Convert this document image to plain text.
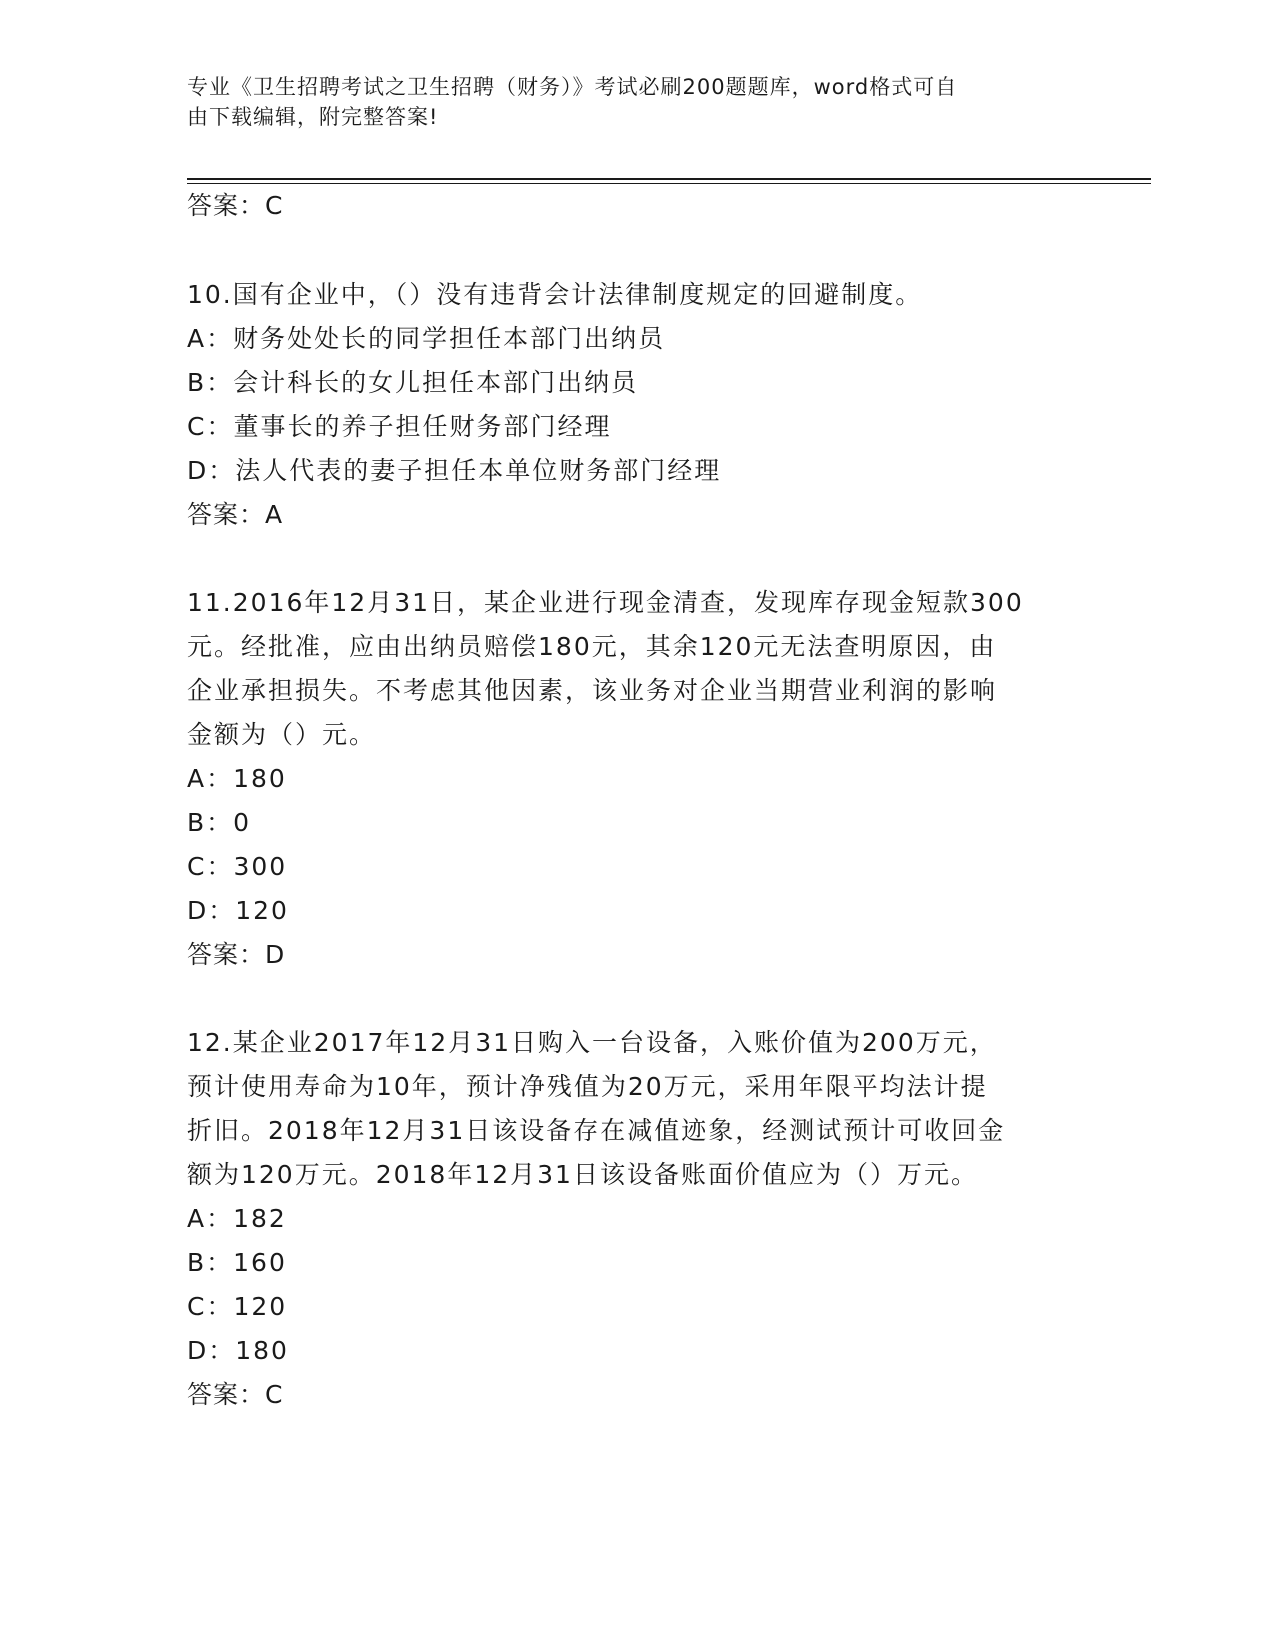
专业《卫生招聘考试之卫生招聘（财务）》考试必刷200题题库，word格式可自
由下载编辑，附完整答案!
答案：C
10.国有企业中，（）没有违背会计法律制度规定的回避制度。
A：财务处处长的同学担任本部门出纳员
B：会计科长的女儿担任本部门出纳员
C：董事长的养子担任财务部门经理
D：法人代表的妻子担任本单位财务部门经理
答案：A
11.2016年12月31日，某企业进行现金清查，发现库存现金短款300
元。经批准，应由出纳员赔偿180元，其余120元无法查明原因，由
企业承担损失。不考虑其他因素，该业务对企业当期营业利润的影响
金额为（）元。
A：180
B：0
C：300
D：120
答案：D
12.某企业2017年12月31日购入一台设备，入账价值为200万元，
预计使用寿命为10年，预计净残值为20万元，采用年限平均法计提
折旧。2018年12月31日该设备存在减值迹象，经测试预计可收回金
额为120万元。2018年12月31日该设备账面价值应为（）万元。
A：182
B：160
C：120
D：180
答案：C
